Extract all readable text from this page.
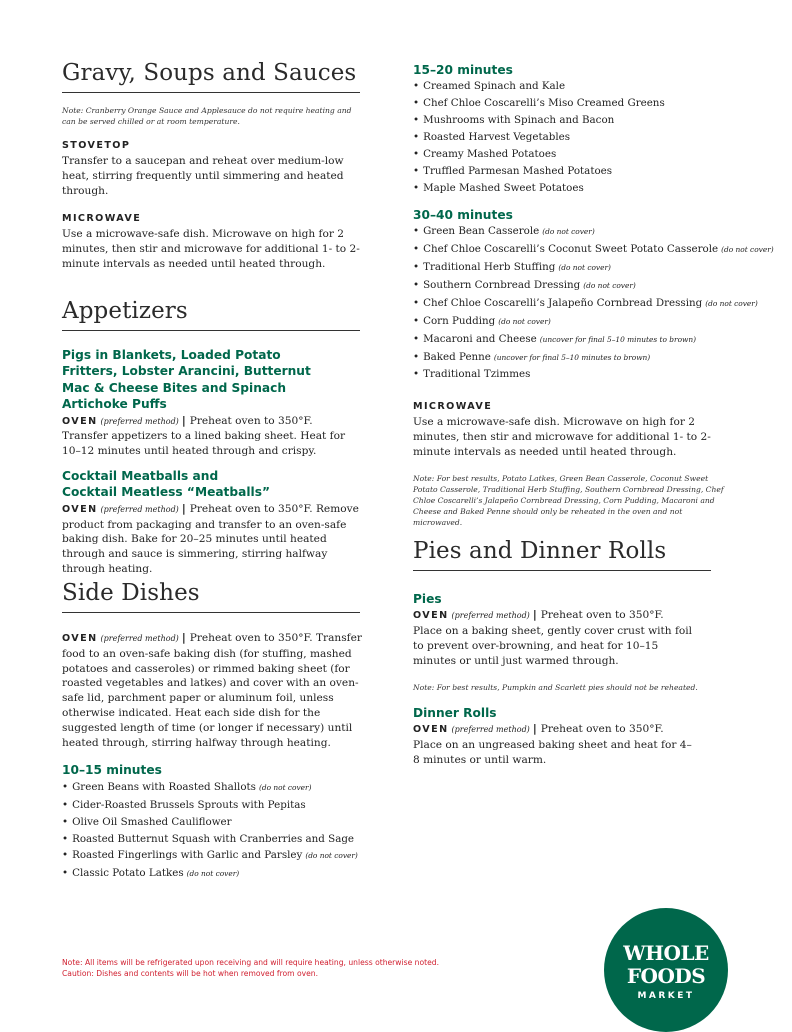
Gravy, Soups and Sauces

Note: Cranberry Orange Sauce and Applesauce do not require heating and can be served chilled or at room temperature.

STOVETOP

Transfer to a saucepan and reheat over medium-low heat, stirring frequently until simmering and heated through.

MICROWAVE

Use a microwave-safe dish. Microwave on high for 2 minutes, then stir and microwave for additional 1- to 2-minute intervals as needed until heated through.

Appetizers

Pigs in Blankets, Loaded Potato Fritters, Lobster Arancini, Butternut Mac & Cheese Bites and Spinach Artichoke Puffs

OVEN (preferred method) | Preheat oven to 350°F. Transfer appetizers to a lined baking sheet. Heat for 10–12 minutes until heated through and crispy.

Cocktail Meatballs and
Cocktail Meatless “Meatballs”

OVEN (preferred method) | Preheat oven to 350°F. Remove product from packaging and transfer to an oven-safe baking dish. Bake for 20–25 minutes until heated through and sauce is simmering, stirring halfway through heating.

Side Dishes

OVEN (preferred method) | Preheat oven to 350°F. Transfer food to an oven-safe baking dish (for stuffing, mashed potatoes and casseroles) or rimmed baking sheet (for roasted vegetables and latkes) and cover with an oven-safe lid, parchment paper or aluminum foil, unless otherwise indicated. Heat each side dish for the suggested length of time (or longer if necessary) until heated through, stirring halfway through heating.

10–15 minutes

• Green Beans with Roasted Shallots (do not cover)
• Cider-Roasted Brussels Sprouts with Pepitas
• Olive Oil Smashed Cauliflower
• Roasted Butternut Squash with Cranberries and Sage
• Roasted Fingerlings with Garlic and Parsley (do not cover)
• Classic Potato Latkes (do not cover)

15–20 minutes

• Creamed Spinach and Kale
• Chef Chloe Coscarelli’s Miso Creamed Greens
• Mushrooms with Spinach and Bacon
• Roasted Harvest Vegetables
• Creamy Mashed Potatoes
• Truffled Parmesan Mashed Potatoes
• Maple Mashed Sweet Potatoes

30–40 minutes

• Green Bean Casserole (do not cover)
• Chef Chloe Coscarelli’s Coconut Sweet Potato Casserole (do not cover)
• Traditional Herb Stuffing (do not cover)
• Southern Cornbread Dressing (do not cover)
• Chef Chloe Coscarelli’s Jalapeño Cornbread Dressing (do not cover)
• Corn Pudding (do not cover)
• Macaroni and Cheese (uncover for final 5–10 minutes to brown)
• Baked Penne (uncover for final 5–10 minutes to brown)
• Traditional Tzimmes

MICROWAVE

Use a microwave-safe dish. Microwave on high for 2 minutes, then stir and microwave for additional 1- to 2-minute intervals as needed until heated through.

Note: For best results, Potato Latkes, Green Bean Casserole, Coconut Sweet Potato Casserole, Traditional Herb Stuffing, Southern Cornbread Dressing, Chef Chloe Coscarelli’s Jalapeño Cornbread Dressing, Corn Pudding, Macaroni and Cheese and Baked Penne should only be reheated in the oven and not microwaved.

Pies and Dinner Rolls

Pies

OVEN (preferred method) | Preheat oven to 350°F. Place on a baking sheet, gently cover crust with foil to prevent over-browning, and heat for 10–15 minutes or until just warmed through.

Note: For best results, Pumpkin and Scarlett pies should not be reheated.

Dinner Rolls

OVEN (preferred method) | Preheat oven to 350°F. Place on an ungreased baking sheet and heat for 4–8 minutes or until warm.

Note: All items will be refrigerated upon receiving and will require heating, unless otherwise noted.
Caution: Dishes and contents will be hot when removed from oven.
WHOLE
FOODS
MARKET
